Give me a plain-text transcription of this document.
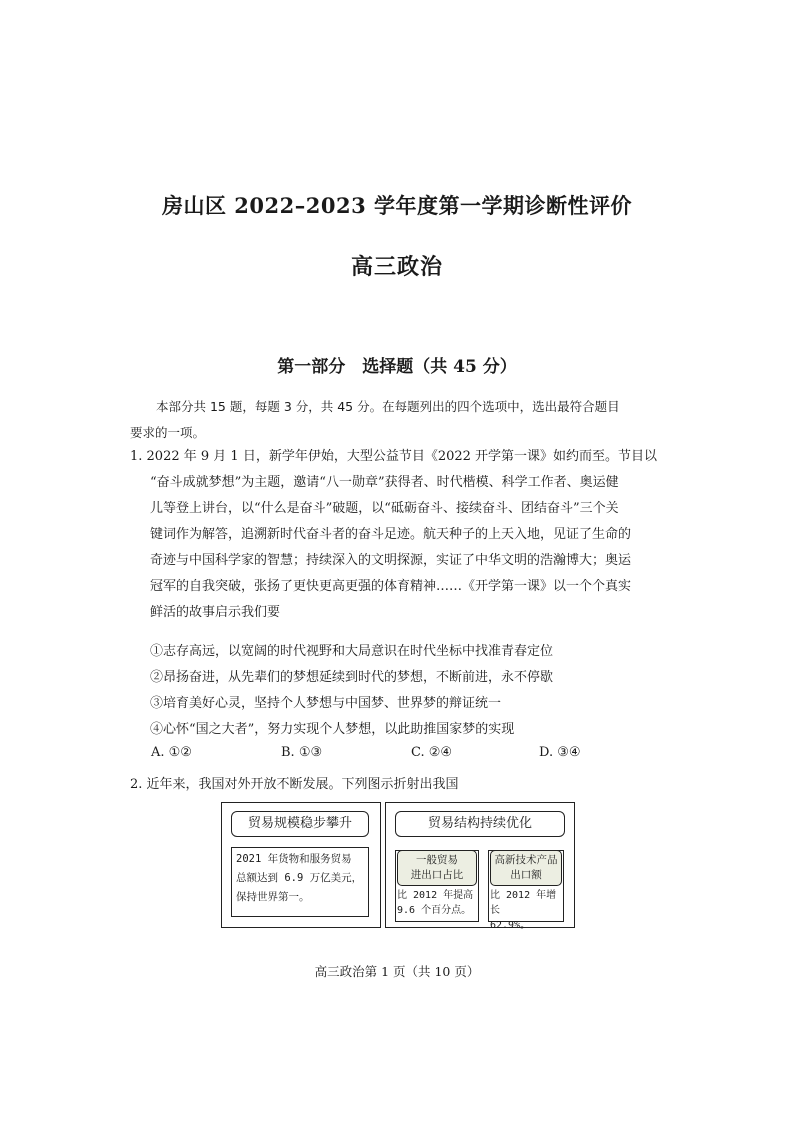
房山区 2022–2023 学年度第一学期诊断性评价
高三政治
第一部分　选择题（共 45 分）
本部分共 15 题，每题 3 分，共 45 分。在每题列出的四个选项中，选出最符合题目
要求的一项。
1. 2022 年 9 月 1 日，新学年伊始，大型公益节目《2022 开学第一课》如约而至。节目以
“奋斗成就梦想”为主题，邀请“八一勋章”获得者、时代楷模、科学工作者、奥运健
儿等登上讲台，以“什么是奋斗”破题，以“砥砺奋斗、接续奋斗、团结奋斗”三个关
键词作为解答，追溯新时代奋斗者的奋斗足迹。航天种子的上天入地，见证了生命的
奇迹与中国科学家的智慧；持续深入的文明探源，实证了中华文明的浩瀚博大；奥运
冠军的自我突破，张扬了更快更高更强的体育精神……《开学第一课》以一个个真实
鲜活的故事启示我们要
①志存高远，以宽阔的时代视野和大局意识在时代坐标中找准青春定位
②昂扬奋进，从先辈们的梦想延续到时代的梦想，不断前进，永不停歇
③培育美好心灵，坚持个人梦想与中国梦、世界梦的辩证统一
④心怀“国之大者”，努力实现个人梦想，以此助推国家梦的实现
A. ①②	B. ①③	C. ②④	D. ③④
2. 近年来，我国对外开放不断发展。下列图示折射出我国
贸易规模稳步攀升
2021 年货物和服务贸易
总额达到 6.9 万亿美元，
保持世界第一。
贸易结构持续优化
一般贸易
进出口占比
比 2012 年提高
9.6 个百分点。
高新技术产品
出口额
比 2012 年增长
62.9%。
高三政治第 1 页（共 10 页）
